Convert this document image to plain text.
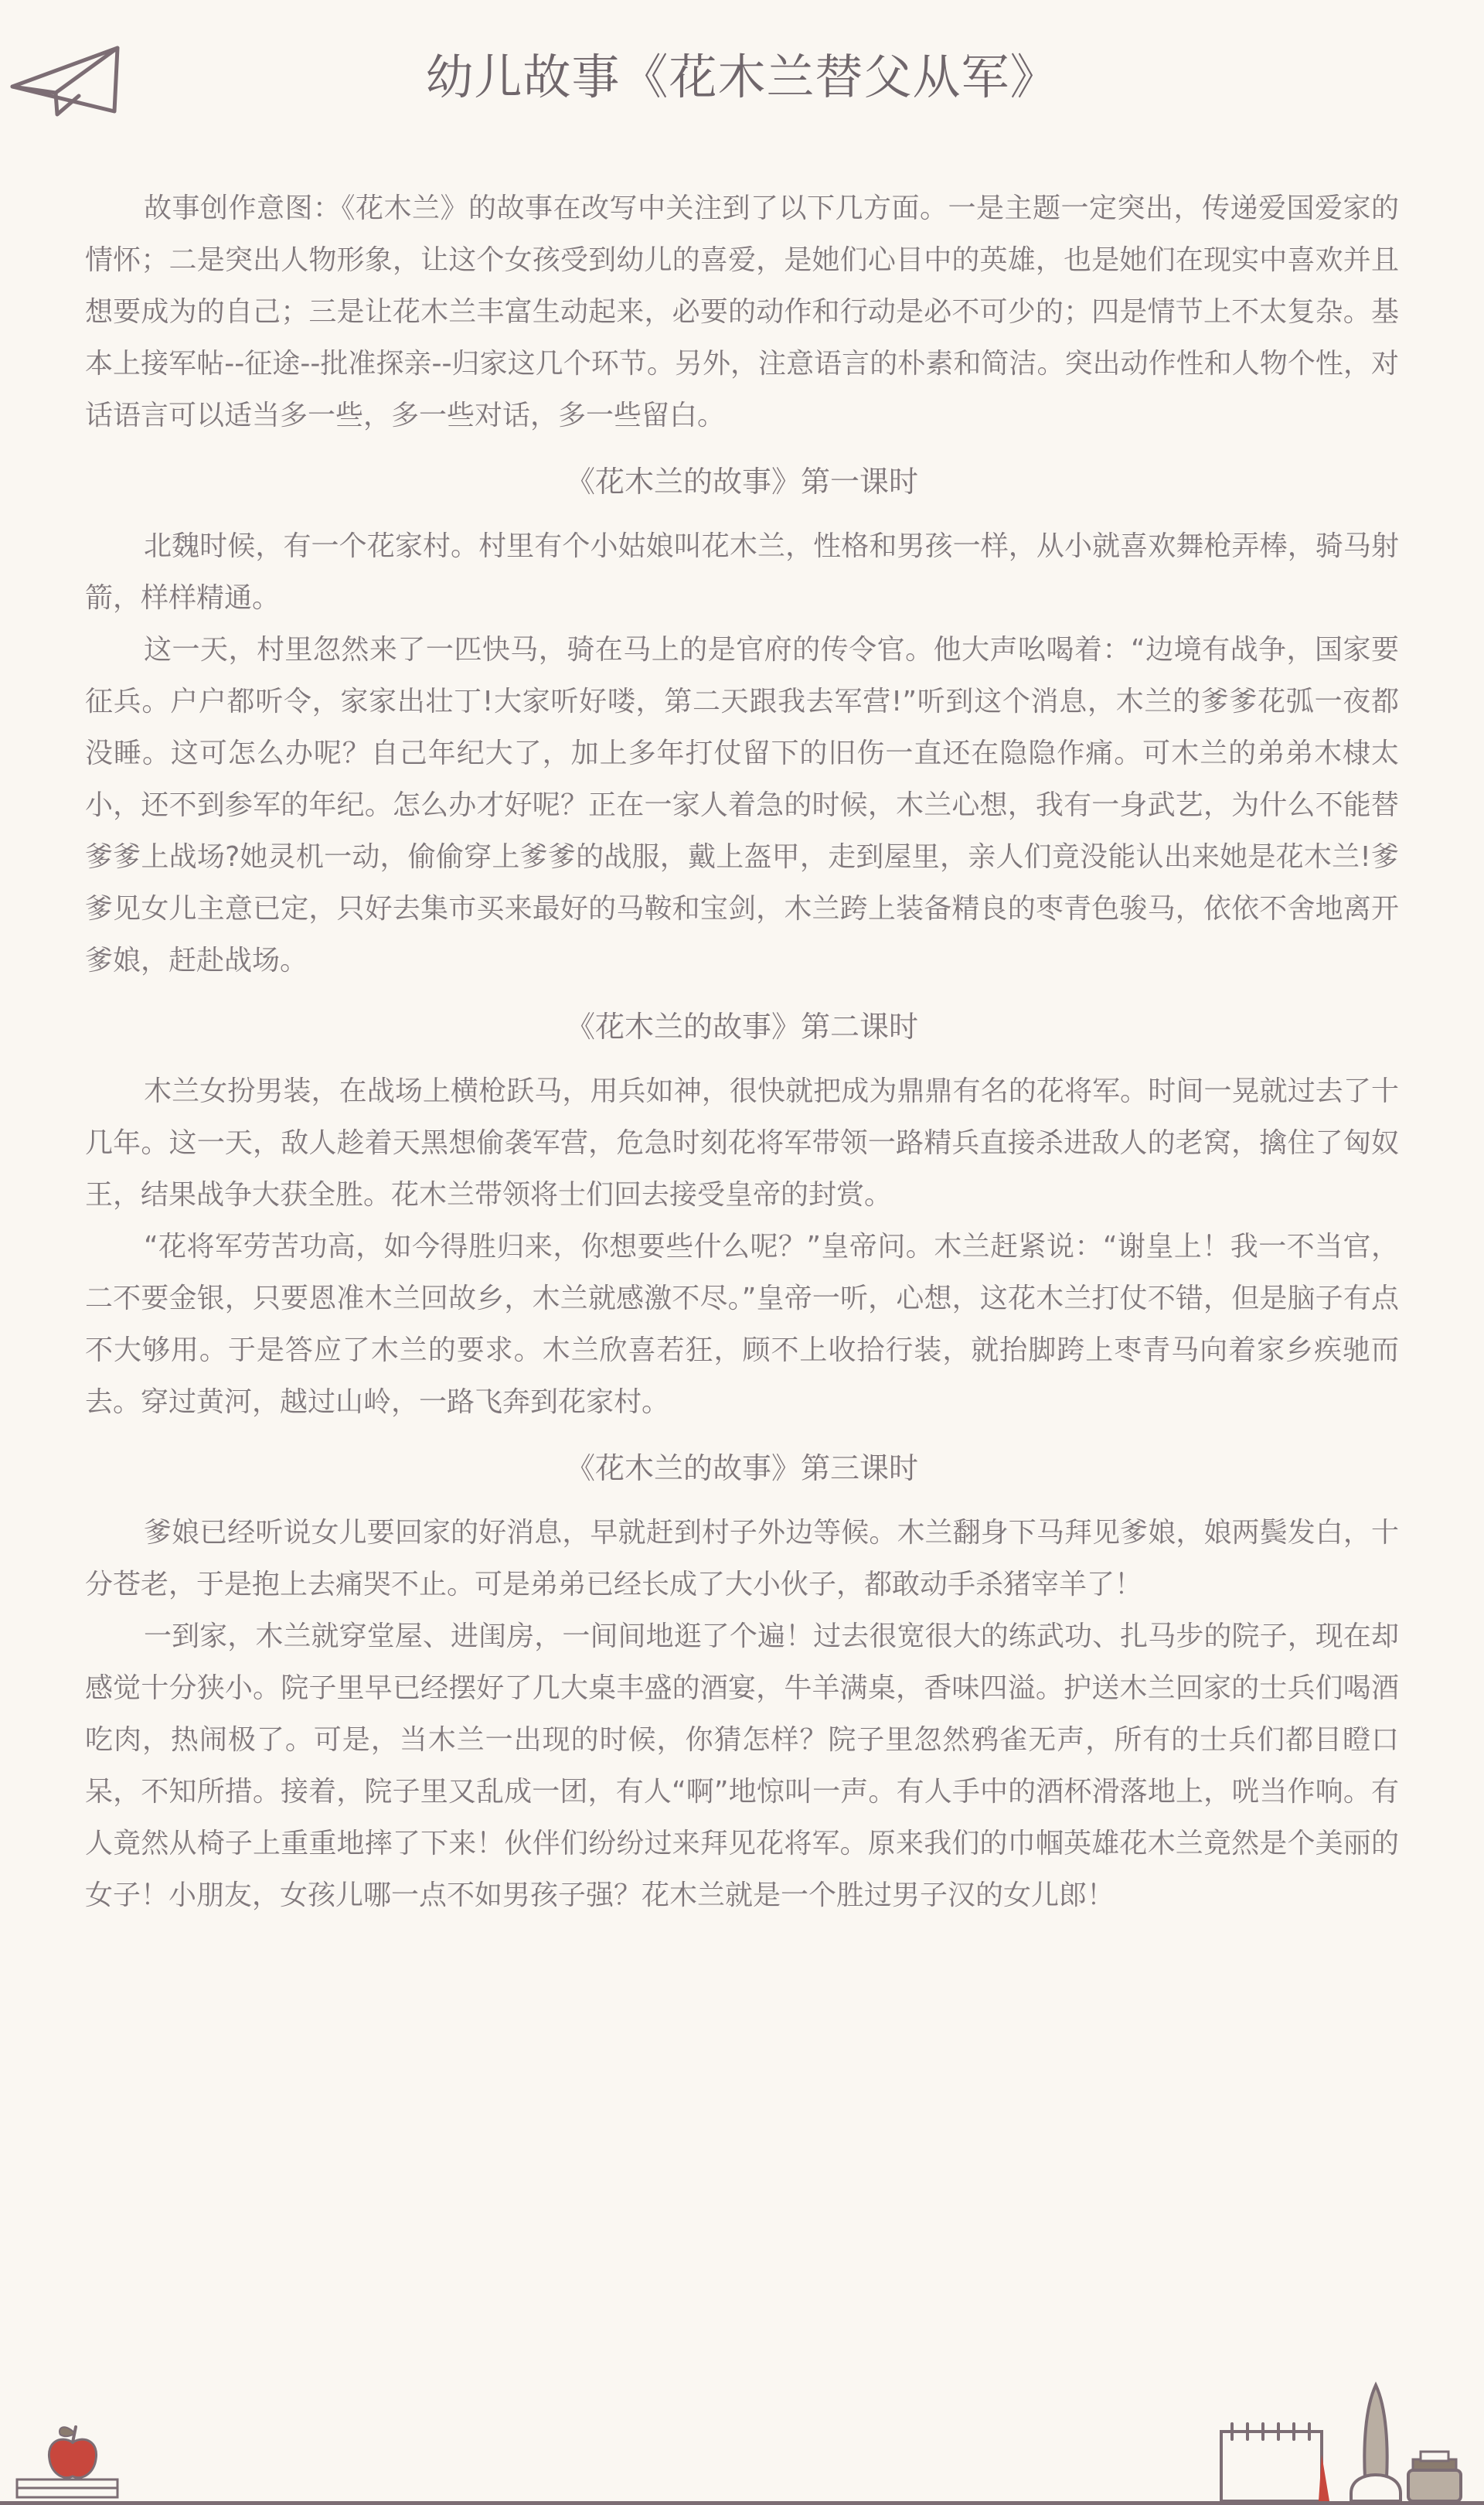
幼儿故事《花木兰替父从军》

故事创作意图：《花木兰》的故事在改写中关注到了以下几方面。一是主题一定突出，传递爱国爱家的情怀；二是突出人物形象，让这个女孩受到幼儿的喜爱，是她们心目中的英雄，也是她们在现实中喜欢并且想要成为的自己；三是让花木兰丰富生动起来，必要的动作和行动是必不可少的；四是情节上不太复杂。基本上接军帖--征途--批准探亲--归家这几个环节。另外，注意语言的朴素和简洁。突出动作性和人物个性，对话语言可以适当多一些，多一些对话，多一些留白。

《花木兰的故事》第一课时

北魏时候，有一个花家村。村里有个小姑娘叫花木兰，性格和男孩一样，从小就喜欢舞枪弄棒，骑马射箭，样样精通。

这一天，村里忽然来了一匹快马，骑在马上的是官府的传令官。他大声吆喝着：“边境有战争，国家要征兵。户户都听令，家家出壮丁!大家听好喽，第二天跟我去军营!”听到这个消息，木兰的爹爹花弧一夜都没睡。这可怎么办呢？自己年纪大了，加上多年打仗留下的旧伤一直还在隐隐作痛。可木兰的弟弟木棣太小，还不到参军的年纪。怎么办才好呢？正在一家人着急的时候，木兰心想，我有一身武艺，为什么不能替爹爹上战场?她灵机一动，偷偷穿上爹爹的战服，戴上盔甲，走到屋里，亲人们竟没能认出来她是花木兰!爹爹见女儿主意已定，只好去集市买来最好的马鞍和宝剑，木兰跨上装备精良的枣青色骏马，依依不舍地离开爹娘，赶赴战场。

《花木兰的故事》第二课时

木兰女扮男装，在战场上横枪跃马，用兵如神，很快就把成为鼎鼎有名的花将军。时间一晃就过去了十几年。这一天，敌人趁着天黑想偷袭军营，危急时刻花将军带领一路精兵直接杀进敌人的老窝，擒住了匈奴王，结果战争大获全胜。花木兰带领将士们回去接受皇帝的封赏。

“花将军劳苦功高，如今得胜归来，你想要些什么呢？”皇帝问。木兰赶紧说：“谢皇上！我一不当官，二不要金银，只要恩准木兰回故乡，木兰就感激不尽。”皇帝一听，心想，这花木兰打仗不错，但是脑子有点不大够用。于是答应了木兰的要求。木兰欣喜若狂，顾不上收拾行装，就抬脚跨上枣青马向着家乡疾驰而去。穿过黄河，越过山岭，一路飞奔到花家村。

《花木兰的故事》第三课时

爹娘已经听说女儿要回家的好消息，早就赶到村子外边等候。木兰翻身下马拜见爹娘，娘两鬓发白，十分苍老，于是抱上去痛哭不止。可是弟弟已经长成了大小伙子，都敢动手杀猪宰羊了！

一到家，木兰就穿堂屋、进闺房，一间间地逛了个遍！过去很宽很大的练武功、扎马步的院子，现在却感觉十分狭小。院子里早已经摆好了几大桌丰盛的酒宴，牛羊满桌，香味四溢。护送木兰回家的士兵们喝酒吃肉，热闹极了。可是，当木兰一出现的时候，你猜怎样？院子里忽然鸦雀无声，所有的士兵们都目瞪口呆，不知所措。接着，院子里又乱成一团，有人“啊”地惊叫一声。有人手中的酒杯滑落地上，咣当作响。有人竟然从椅子上重重地摔了下来！伙伴们纷纷过来拜见花将军。原来我们的巾帼英雄花木兰竟然是个美丽的女子！小朋友，女孩儿哪一点不如男孩子强？花木兰就是一个胜过男子汉的女儿郎！
